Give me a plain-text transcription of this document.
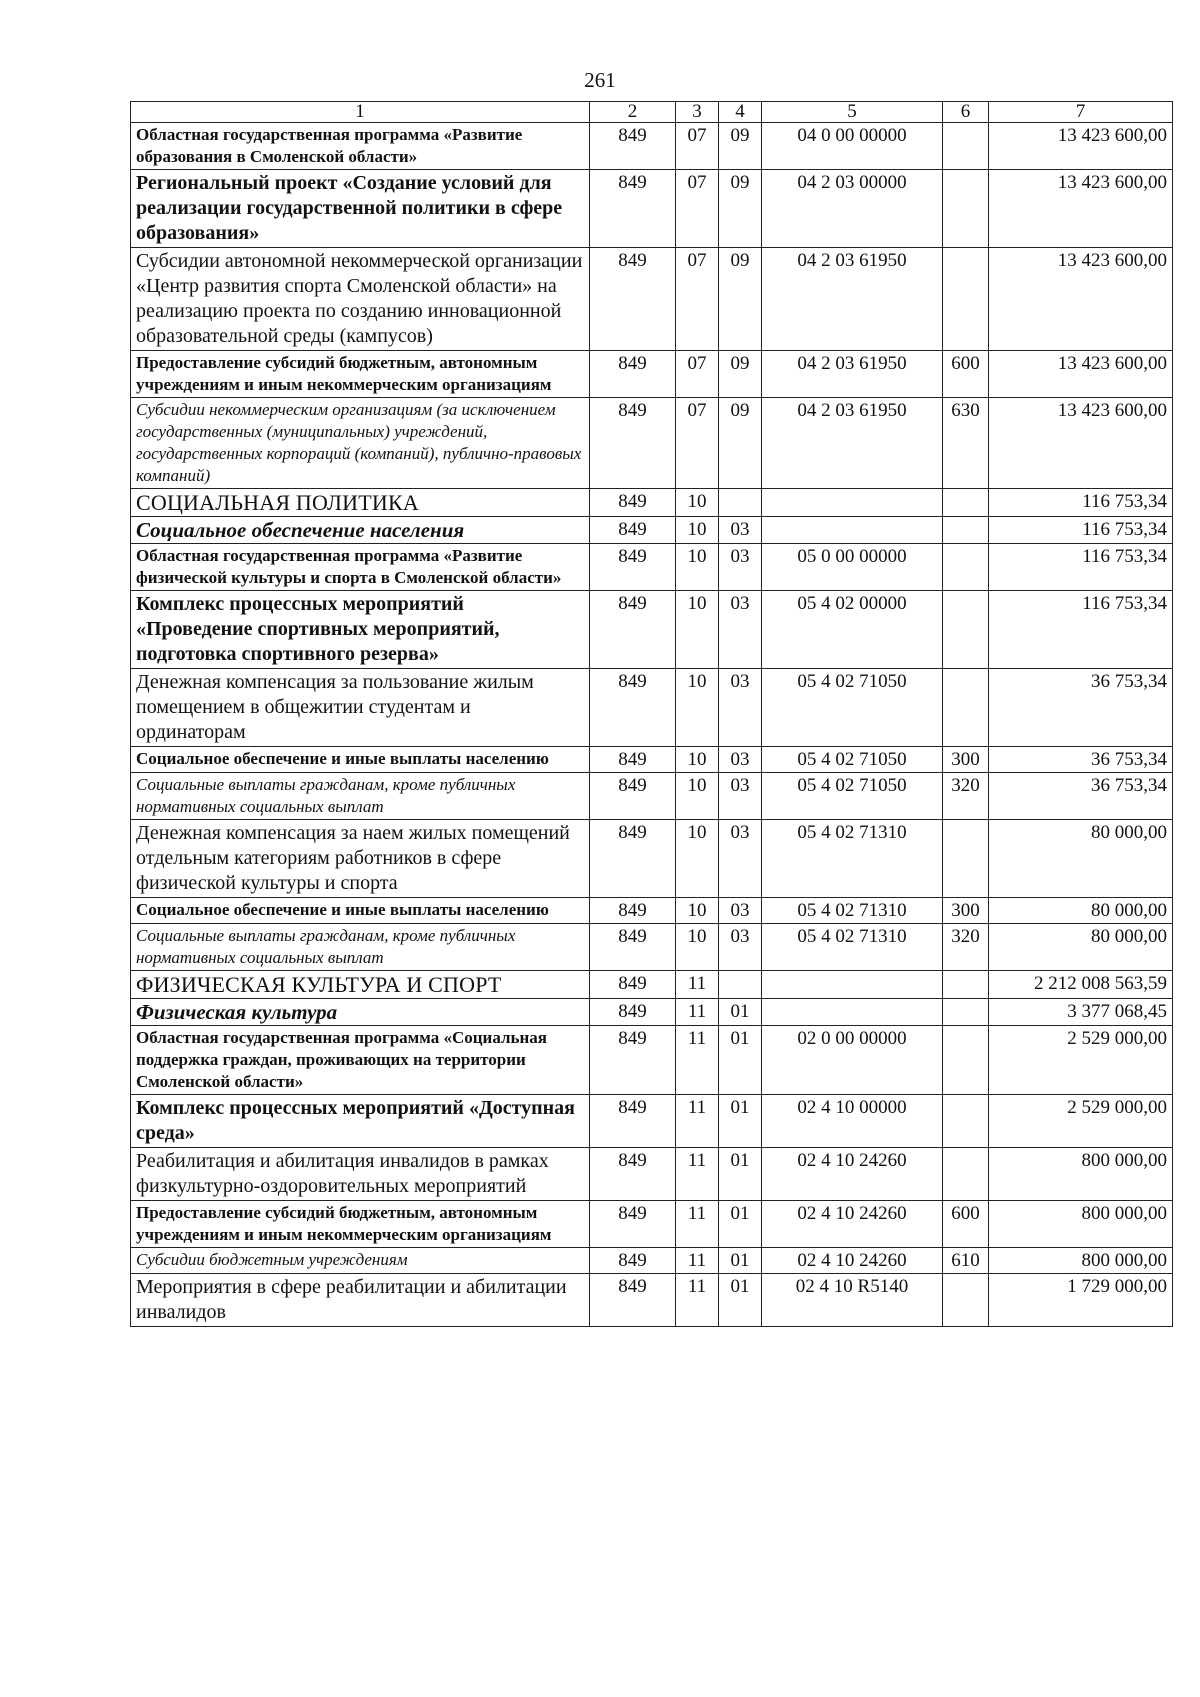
261
1	2	3	4	5	6	7
Областная государственная программа «Развитие образования в Смоленской области»	849	07	09	04 0 00 00000		13 423 600,00
Региональный проект «Создание условий для реализации государственной политики в сфере образования»	849	07	09	04 2 03 00000		13 423 600,00
Субсидии автономной некоммерческой организации «Центр развития спорта Смоленской области» на реализацию проекта по созданию инновационной образовательной среды (кампусов)	849	07	09	04 2 03 61950		13 423 600,00
Предоставление субсидий бюджетным, автономным учреждениям и иным некоммерческим организациям	849	07	09	04 2 03 61950	600	13 423 600,00
Субсидии некоммерческим организациям (за исключением государственных (муниципальных) учреждений, государственных корпораций (компаний), публично-правовых компаний)	849	07	09	04 2 03 61950	630	13 423 600,00
СОЦИАЛЬНАЯ ПОЛИТИКА	849	10				116 753,34
Социальное обеспечение населения	849	10	03			116 753,34
Областная государственная программа «Развитие физической культуры и спорта в Смоленской области»	849	10	03	05 0 00 00000		116 753,34
Комплекс процессных мероприятий «Проведение спортивных мероприятий, подготовка спортивного резерва»	849	10	03	05 4 02 00000		116 753,34
Денежная компенсация за пользование жилым помещением в общежитии студентам и ординаторам	849	10	03	05 4 02 71050		36 753,34
Социальное обеспечение и иные выплаты населению	849	10	03	05 4 02 71050	300	36 753,34
Социальные выплаты гражданам, кроме публичных нормативных социальных выплат	849	10	03	05 4 02 71050	320	36 753,34
Денежная компенсация за наем жилых помещений отдельным категориям работников в сфере физической культуры и спорта	849	10	03	05 4 02 71310		80 000,00
Социальное обеспечение и иные выплаты населению	849	10	03	05 4 02 71310	300	80 000,00
Социальные выплаты гражданам, кроме публичных нормативных социальных выплат	849	10	03	05 4 02 71310	320	80 000,00
ФИЗИЧЕСКАЯ КУЛЬТУРА И СПОРТ	849	11				2 212 008 563,59
Физическая культура	849	11	01			3 377 068,45
Областная государственная программа «Социальная поддержка граждан, проживающих на территории Смоленской области»	849	11	01	02 0 00 00000		2 529 000,00
Комплекс процессных мероприятий «Доступная среда»	849	11	01	02 4 10 00000		2 529 000,00
Реабилитация и абилитация инвалидов в рамках физкультурно-оздоровительных мероприятий	849	11	01	02 4 10 24260		800 000,00
Предоставление субсидий бюджетным, автономным учреждениям и иным некоммерческим организациям	849	11	01	02 4 10 24260	600	800 000,00
Субсидии бюджетным учреждениям	849	11	01	02 4 10 24260	610	800 000,00
Мероприятия в сфере реабилитации и абилитации инвалидов	849	11	01	02 4 10 R5140		1 729 000,00
